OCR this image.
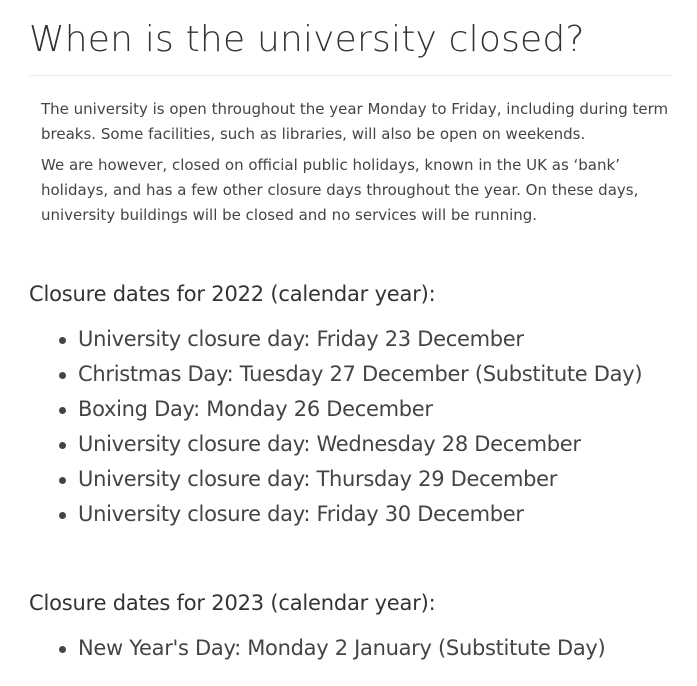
When is the university closed?

The university is open throughout the year Monday to Friday, including during term breaks. Some facilities, such as libraries, will also be open on weekends.

We are however, closed on official public holidays, known in the UK as ‘bank’ holidays, and has a few other closure days throughout the year. On these days, university buildings will be closed and no services will be running.

Closure dates for 2022 (calendar year):
University closure day: Friday 23 December
Christmas Day: Tuesday 27 December (Substitute Day)
Boxing Day: Monday 26 December
University closure day: Wednesday 28 December
University closure day: Thursday 29 December
University closure day: Friday 30 December
Closure dates for 2023 (calendar year):
New Year's Day: Monday 2 January (Substitute Day)
